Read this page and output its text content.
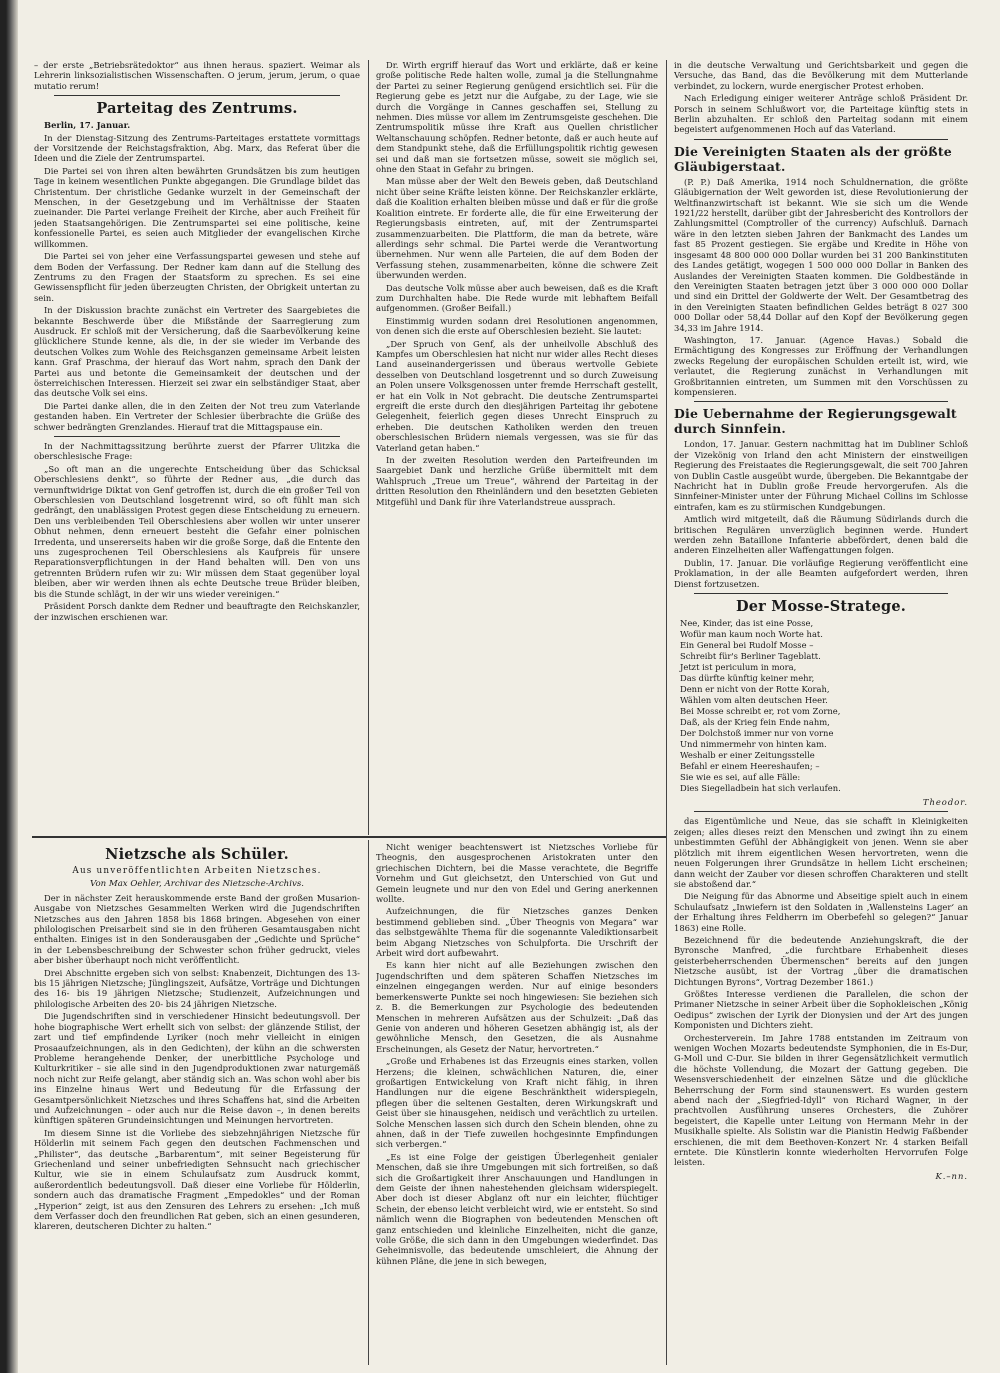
– der erste „Betriebsrätedoktor“ aus ihnen heraus. spaziert. Weimar als Lehrerin linksozialistischen Wissenschaften. O jerum, jerum, jerum, o quae mutatio rerum!

Parteitag des Zentrums.

Berlin, 17. Januar.

In der Dienstag-Sitzung des Zentrums-Parteitages erstattete vormittags der Vorsitzende der Reichstagsfraktion, Abg. Marx, das Referat über die Ideen und die Ziele der Zentrumspartei.

Die Partei sei von ihren alten bewährten Grundsätzen bis zum heutigen Tage in keinem wesentlichen Punkte abgegangen. Die Grundlage bildet das Christentum. Der christliche Gedanke wurzelt in der Gemeinschaft der Menschen, in der Gesetzgebung und im Verhältnisse der Staaten zueinander. Die Partei verlange Freiheit der Kirche, aber auch Freiheit für jeden Staatsangehörigen. Die Zentrumspartei sei eine politische, keine konfessionelle Partei, es seien auch Mitglieder der evangelischen Kirche willkommen.

Die Partei sei von jeher eine Verfassungspartei gewesen und stehe auf dem Boden der Verfassung. Der Redner kam dann auf die Stellung des Zentrums zu den Fragen der Staatsform zu sprechen. Es sei eine Gewissenspflicht für jeden überzeugten Christen, der Obrigkeit untertan zu sein.

In der Diskussion brachte zunächst ein Vertreter des Saargebietes die bekannte Beschwerde über die Mißstände der Saarregierung zum Ausdruck. Er schloß mit der Versicherung, daß die Saarbevölkerung keine glücklichere Stunde kenne, als die, in der sie wieder im Verbande des deutschen Volkes zum Wohle des Reichsganzen gemeinsame Arbeit leisten kann. Graf Praschma, der hierauf das Wort nahm, sprach den Dank der Partei aus und betonte die Gemeinsamkeit der deutschen und der österreichischen Interessen. Hierzeit sei zwar ein selbständiger Staat, aber das deutsche Volk sei eins.

Die Partei danke allen, die in den Zeiten der Not treu zum Vaterlande gestanden haben. Ein Vertreter der Schlesier überbrachte die Grüße des schwer bedrängten Grenzlandes. Hierauf trat die Mittagspause ein.

In der Nachmittagssitzung berührte zuerst der Pfarrer Ulitzka die oberschlesische Frage:

„So oft man an die ungerechte Entscheidung über das Schicksal Oberschlesiens denkt“, so führte der Redner aus, „die durch das vernunftwidrige Diktat von Genf getroffen ist, durch die ein großer Teil von Oberschlesien von Deutschland losgetrennt wird, so oft fühlt man sich gedrängt, den unablässigen Protest gegen diese Entscheidung zu erneuern. Den uns verbleibenden Teil Oberschlesiens aber wollen wir unter unserer Obhut nehmen, denn erneuert besteht die Gefahr einer polnischen Irredenta, und unsererseits haben wir die große Sorge, daß die Entente den uns zugesprochenen Teil Oberschlesiens als Kaufpreis für unsere Reparationsverpflichtungen in der Hand behalten will. Den von uns getrennten Brüdern rufen wir zu: Wir müssen dem Staat gegenüber loyal bleiben, aber wir werden ihnen als echte Deutsche treue Brüder bleiben, bis die Stunde schlägt, in der wir uns wieder vereinigen.“

Präsident Porsch dankte dem Redner und beauftragte den Reichskanzler, der inzwischen erschienen war.

Dr. Wirth ergriff hierauf das Wort und erklärte, daß er keine große politische Rede halten wolle, zumal ja die Stellungnahme der Partei zu seiner Regierung genügend ersichtlich sei. Für die Regierung gebe es jetzt nur die Aufgabe, zu der Lage, wie sie durch die Vorgänge in Cannes geschaffen sei, Stellung zu nehmen. Dies müsse vor allem im Zentrumsgeiste geschehen. Die Zentrumspolitik müsse ihre Kraft aus Quellen christlicher Weltanschauung schöpfen. Redner betonte, daß er auch heute auf dem Standpunkt stehe, daß die Erfüllungspolitik richtig gewesen sei und daß man sie fortsetzen müsse, soweit sie möglich sei, ohne den Staat in Gefahr zu bringen.

Man müsse aber der Welt den Beweis geben, daß Deutschland nicht über seine Kräfte leisten könne. Der Reichskanzler erklärte, daß die Koalition erhalten bleiben müsse und daß er für die große Koalition eintrete. Er forderte alle, die für eine Erweiterung der Regierungsbasis eintreten, auf, mit der Zentrumspartei zusammenzuarbeiten. Die Plattform, die man da betrete, wäre allerdings sehr schmal. Die Partei werde die Verantwortung übernehmen. Nur wenn alle Parteien, die auf dem Boden der Verfassung stehen, zusammenarbeiten, könne die schwere Zeit überwunden werden.

Das deutsche Volk müsse aber auch beweisen, daß es die Kraft zum Durchhalten habe. Die Rede wurde mit lebhaftem Beifall aufgenommen. (Großer Beifall.)

Einstimmig wurden sodann drei Resolutionen angenommen, von denen sich die erste auf Oberschlesien bezieht. Sie lautet:

„Der Spruch von Genf, als der unheilvolle Abschluß des Kampfes um Oberschlesien hat nicht nur wider alles Recht dieses Land auseinandergerissen und überaus wertvolle Gebiete desselben von Deutschland losgetrennt und so durch Zuweisung an Polen unsere Volksgenossen unter fremde Herrschaft gestellt, er hat ein Volk in Not gebracht. Die deutsche Zentrumspartei ergreift die erste durch den diesjährigen Parteitag ihr gebotene Gelegenheit, feierlich gegen dieses Unrecht Einspruch zu erheben. Die deutschen Katholiken werden den treuen oberschlesischen Brüdern niemals vergessen, was sie für das Vaterland getan haben.“

In der zweiten Resolution werden den Parteifreunden im Saargebiet Dank und herzliche Grüße übermittelt mit dem Wahlspruch „Treue um Treue“, während der Parteitag in der dritten Resolution den Rheinländern und den besetzten Gebieten Mitgefühl und Dank für ihre Vaterlandstreue aussprach.

in die deutsche Verwaltung und Gerichtsbarkeit und gegen die Versuche, das Band, das die Bevölkerung mit dem Mutterlande verbindet, zu lockern, wurde energischer Protest erhoben.

Nach Erledigung einiger weiterer Anträge schloß Präsident Dr. Porsch in seinem Schlußwort vor, die Parteitage künftig stets in Berlin abzuhalten. Er schloß den Parteitag sodann mit einem begeistert aufgenommenen Hoch auf das Vaterland.

Die Vereinigten Staaten als der größte Gläubigerstaat.

(P. P.) Daß Amerika, 1914 noch Schuldnernation, die größte Gläubigernation der Welt geworden ist, diese Revolutionierung der Weltfinanzwirtschaft ist bekannt. Wie sie sich um die Wende 1921/22 herstellt, darüber gibt der Jahresbericht des Kontrollors der Zahlungsmittel (Comptroller of the currency) Aufschluß. Darnach wäre in den letzten sieben Jahren der Bankmacht des Landes um fast 85 Prozent gestiegen. Sie ergäbe und Kredite in Höhe von insgesamt 48 800 000 000 Dollar wurden bei 31 200 Bankinstituten des Landes getätigt, wogegen 1 500 000 000 Dollar in Banken des Auslandes der Vereinigten Staaten kommen. Die Goldbestände in den Vereinigten Staaten betragen jetzt über 3 000 000 000 Dollar und sind ein Drittel der Goldwerte der Welt. Der Gesamtbetrag des in den Vereinigten Staaten befindlichen Geldes beträgt 8 027 300 000 Dollar oder 58,44 Dollar auf den Kopf der Bevölkerung gegen 34,33 im Jahre 1914.

Washington, 17. Januar. (Agence Havas.) Sobald die Ermächtigung des Kongresses zur Eröffnung der Verhandlungen zwecks Regelung der europäischen Schulden erteilt ist, wird, wie verlautet, die Regierung zunächst in Verhandlungen mit Großbritannien eintreten, um Summen mit den Vorschüssen zu kompensieren.

Die Uebernahme der Regierungsgewalt durch Sinnfein.

London, 17. Januar. Gestern nachmittag hat im Dubliner Schloß der Vizekönig von Irland den acht Ministern der einstweiligen Regierung des Freistaates die Regierungsgewalt, die seit 700 Jahren von Dublin Castle ausgeübt wurde, übergeben. Die Bekanntgabe der Nachricht hat in Dublin große Freude hervorgerufen. Als die Sinnfeiner-Minister unter der Führung Michael Collins im Schlosse eintrafen, kam es zu stürmischen Kundgebungen.

Amtlich wird mitgeteilt, daß die Räumung Südirlands durch die britischen Regulären unverzüglich beginnen werde. Hundert werden zehn Bataillone Infanterie abbefördert, denen bald die anderen Einzelheiten aller Waffengattungen folgen.

Dublin, 17. Januar. Die vorläufige Regierung veröffentlicht eine Proklamation, in der alle Beamten aufgefordert werden, ihren Dienst fortzusetzen.

Der Mosse-Stratege.
Nee, Kinder, das ist eine Posse,
Wofür man kaum noch Worte hat.
Ein General bei Rudolf Mosse –
Schreibt für's Berliner Tageblatt.
Jetzt ist periculum in mora,
Das dürfte künftig keiner mehr,
Denn er nicht von der Rotte Korah,
Wählen vom alten deutschen Heer.
Bei Mosse schreibt er, rot vom Zorne,
Daß, als der Krieg fein Ende nahm,
Der Dolchstoß immer nur von vorne
Und nimmermehr von hinten kam.
Weshalb er einer Zeitungsstelle
Befahl er einem Heereshaufen; –
Sie wie es sei, auf alle Fälle:
Dies Siegelladbein hat sich verlaufen.
Theodor.

das Eigentümliche und Neue, das sie schafft in Kleinigkeiten zeigen; alles dieses reizt den Menschen und zwingt ihn zu einem unbestimmten Gefühl der Abhängigkeit von jenen. Wenn sie aber plötzlich mit ihrem eigentlichen Wesen hervortreten, wenn die neuen Folgerungen ihrer Grundsätze in hellem Licht erscheinen; dann weicht der Zauber vor diesen schroffen Charakteren und stellt sie abstoßend dar.“

Die Neigung für das Abnorme und Abseitige spielt auch in einem Schulaufsatz „Inwiefern ist den Soldaten in ‚Wallensteins Lager‘ an der Erhaltung ihres Feldherrn im Oberbefehl so gelegen?“ Januar 1863) eine Rolle.

Bezeichnend für die bedeutende Anziehungskraft, die der Byronsche Manfred, „die furchtbare Erhabenheit dieses geisterbeherrschenden Übermenschen“ bereits auf den jungen Nietzsche ausübt, ist der Vortrag „über die dramatischen Dichtungen Byrons“, Vortrag Dezember 1861.)

Größtes Interesse verdienen die Parallelen, die schon der Primaner Nietzsche in seiner Arbeit über die Sophokleischen „König Oedipus“ zwischen der Lyrik der Dionysien und der Art des jungen Komponisten und Dichters zieht.

Orchesterverein. Im Jahre 1788 entstanden im Zeitraum von wenigen Wochen Mozarts bedeutendste Symphonien, die in Es-Dur, G-Moll und C-Dur. Sie bilden in ihrer Gegensätzlichkeit vermutlich die höchste Vollendung, die Mozart der Gattung gegeben. Die Wesensverschiedenheit der einzelnen Sätze und die glückliche Beherrschung der Form sind staunenswert. Es wurden gestern abend nach der „Siegfried-Idyll“ von Richard Wagner, in der prachtvollen Ausführung unseres Orchesters, die Zuhörer begeistert, die Kapelle unter Leitung von Hermann Mehr in der Musikhalle spielte. Als Solistin war die Pianistin Hedwig Faßbender erschienen, die mit dem Beethoven-Konzert Nr. 4 starken Beifall erntete. Die Künstlerin konnte wiederholten Hervorrufen Folge leisten.

K.–nn.
Nietzsche als Schüler.
Aus unveröffentlichten Arbeiten Nietzsches.
Von Max Oehler, Archivar des Nietzsche-Archivs.

Der in nächster Zeit herauskommende erste Band der großen Musarion-Ausgabe von Nietzsches Gesammelten Werken wird die Jugendschriften Nietzsches aus den Jahren 1858 bis 1868 bringen. Abgesehen von einer philologischen Preisarbeit sind sie in den früheren Gesamtausgaben nicht enthalten. Einiges ist in den Sonderausgaben der „Gedichte und Sprüche“ in der Lebensbeschreibung der Schwester schon früher gedruckt, vieles aber bisher überhaupt noch nicht veröffentlicht.

Drei Abschnitte ergeben sich von selbst: Knabenzeit, Dichtungen des 13- bis 15 jährigen Nietzsche; Jünglingszeit, Aufsätze, Vorträge und Dichtungen des 16- bis 19 jährigen Nietzsche; Studienzeit, Aufzeichnungen und philologische Arbeiten des 20- bis 24 jährigen Nietzsche.

Die Jugendschriften sind in verschiedener Hinsicht bedeutungsvoll. Der hohe biographische Wert erhellt sich von selbst: der glänzende Stilist, der zart und tief empfindende Lyriker (noch mehr vielleicht in einigen Prosaaufzeichnungen, als in den Gedichten), der kühn an die schwersten Probleme herangehende Denker, der unerbittliche Psychologe und Kulturkritiker – sie alle sind in den Jugendproduktionen zwar naturgemäß noch nicht zur Reife gelangt, aber ständig sich an. Was schon wohl aber bis ins Einzelne hinaus Wert und Bedeutung für die Erfassung der Gesamtpersönlichkeit Nietzsches und ihres Schaffens hat, sind die Arbeiten und Aufzeichnungen – oder auch nur die Reise davon –, in denen bereits künftigen späteren Grundeinsichtungen und Meinungen hervortreten.

Im diesem Sinne ist die Vorliebe des siebzehnjährigen Nietzsche für Hölderlin mit seinem Fach gegen den deutschen Fachmenschen und „Philister“, das deutsche „Barbarentum“, mit seiner Begeisterung für Griechenland und seiner unbefriedigten Sehnsucht nach griechischer Kultur, wie sie in einem Schulaufsatz zum Ausdruck kommt, außerordentlich bedeutungsvoll. Daß dieser eine Vorliebe für Hölderlin, sondern auch das dramatische Fragment „Empedokles“ und der Roman „Hyperion“ zeigt, ist aus den Zensuren des Lehrers zu ersehen: „Ich muß dem Verfasser doch den freundlichen Rat geben, sich an einen gesunderen, klareren, deutscheren Dichter zu halten.“

Nicht weniger beachtenswert ist Nietzsches Vorliebe für Theognis, den ausgesprochenen Aristokraten unter den griechischen Dichtern, bei die Masse verachtete, die Begriffe Vornehm und Gut gleichsetzt, den Unterschied von Gut und Gemein leugnete und nur den von Edel und Gering anerkennen wollte.

Aufzeichnungen, die für Nietzsches ganzes Denken bestimmend geblieben sind. „Über Theognis von Megara“ war das selbstgewählte Thema für die sogenannte Valediktionsarbeit beim Abgang Nietzsches von Schulpforta. Die Urschrift der Arbeit wird dort aufbewahrt.

Es kann hier nicht auf alle Beziehungen zwischen den Jugendschriften und dem späteren Schaffen Nietzsches im einzelnen eingegangen werden. Nur auf einige besonders bemerkenswerte Punkte sei noch hingewiesen: Sie beziehen sich z. B. die Bemerkungen zur Psychologie des bedeutenden Menschen in mehreren Aufsätzen aus der Schulzeit: „Daß das Genie von anderen und höheren Gesetzen abhängig ist, als der gewöhnliche Mensch, den Gesetzen, die als Ausnahme Erscheinungen, als Gesetz der Natur, hervortreten.“

„Große und Erhabenes ist das Erzeugnis eines starken, vollen Herzens; die kleinen, schwächlichen Naturen, die, einer großartigen Entwickelung von Kraft nicht fähig, in ihren Handlungen nur die eigene Beschränktheit widerspiegeln, pflegen über die seltenen Gestalten, deren Wirkungskraft und Geist über sie hinausgehen, neidisch und verächtlich zu urteilen. Solche Menschen lassen sich durch den Schein blenden, ohne zu ahnen, daß in der Tiefe zuweilen hochgesinnte Empfindungen sich verbergen.“

„Es ist eine Folge der geistigen Überlegenheit genialer Menschen, daß sie ihre Umgebungen mit sich fortreißen, so daß sich die Großartigkeit ihrer Anschauungen und Handlungen in dem Geiste der ihnen nahestehenden gleichsam widerspiegelt. Aber doch ist dieser Abglanz oft nur ein leichter, flüchtiger Schein, der ebenso leicht verbleicht wird, wie er entsteht. So sind nämlich wenn die Biographen von bedeutenden Menschen oft ganz entschieden und kleinliche Einzelheiten, nicht die ganze, volle Größe, die sich dann in den Umgebungen wiederfindet. Das Geheimnisvolle, das bedeutende umschleiert, die Ahnung der kühnen Pläne, die jene in sich bewegen,
